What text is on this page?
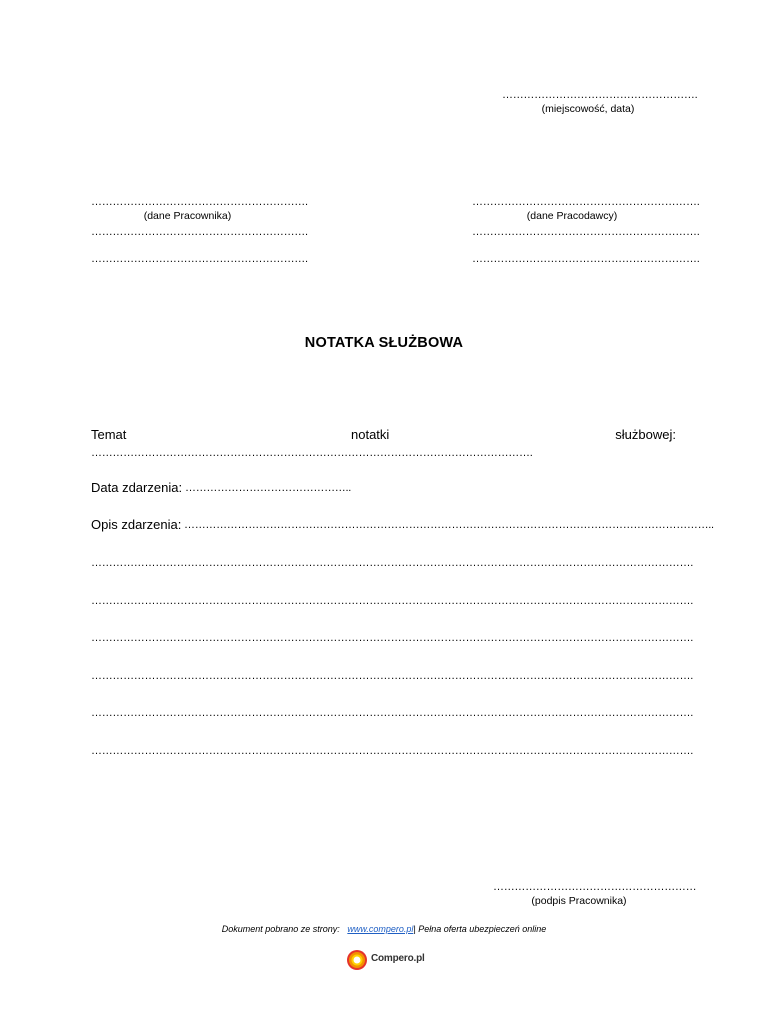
……………………………………………….
(miejscowość, data)
…………………………………………………….
(dane Pracownika)
…………………………………………………….
…………………………………………………….
……………………………………………………….
(dane Pracodawcy)
……………………………………………………….
……………………………………………………….
NOTATKA SŁUŻBOWA
Temat	notatki	służbowej:
…………………………………………………………………………………………………………….
Data zdarzenia: ………………………………………..
Opis zdarzenia: …………………………………………………………………………………………………………………………………..
…………………………………………………………………………………………………………………………………………………….
…………………………………………………………………………………………………………………………………………………….
…………………………………………………………………………………………………………………………………………………….
…………………………………………………………………………………………………………………………………………………….
…………………………………………………………………………………………………………………………………………………….
…………………………………………………………………………………………………………………………………………………….
…………………………………………………
(podpis Pracownika)
Dokument pobrano ze strony: www.compero.pl| Pełna oferta ubezpieczeń online
Compero.pl
